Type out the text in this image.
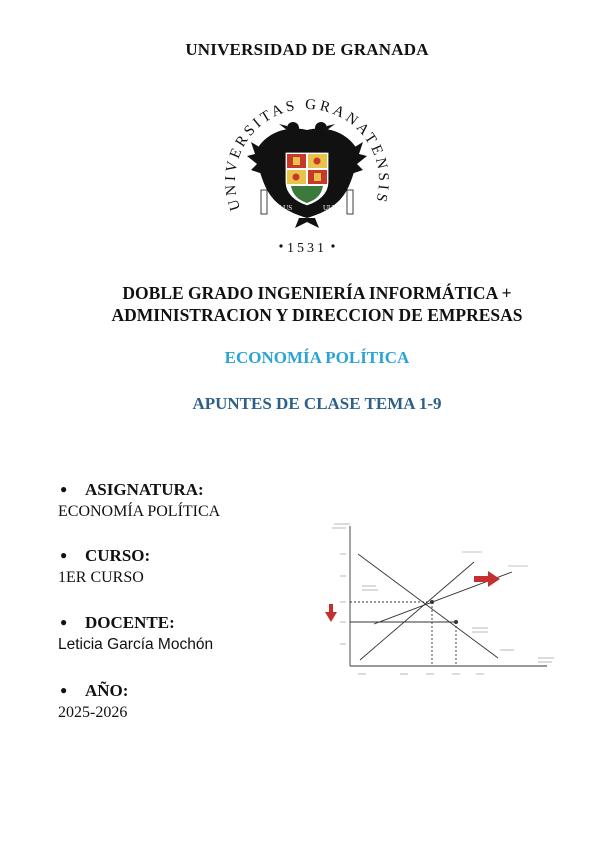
UNIVERSIDAD DE GRANADA
UNIVERSITAS GRANATENSIS
1531
PLUS	ULTRA
DOBLE GRADO INGENIERÍA INFORMÁTICA +
ADMINISTRACION Y DIRECCION DE EMPRESAS
ECONOMÍA POLÍTICA
APUNTES DE CLASE TEMA 1-9
● ASIGNATURA:
ECONOMÍA POLÍTICA
● CURSO:
1ER CURSO
● DOCENTE:
Leticia García Mochón
● AÑO:
2025-2026
